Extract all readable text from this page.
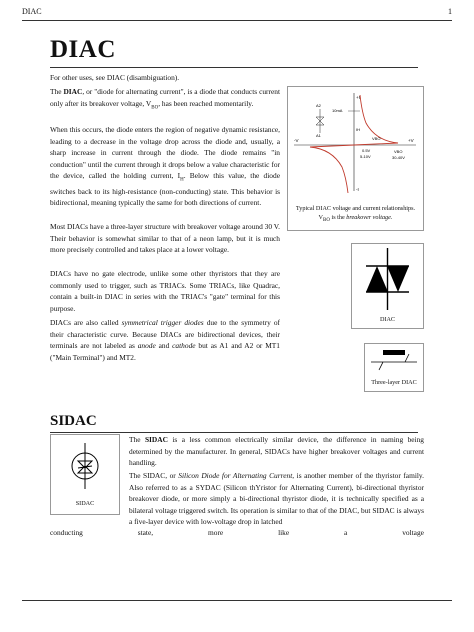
DIAC	1
DIAC
For other uses, see DIAC (disambiguation).
The DIAC, or "diode for alternating current", is a diode that conducts current only after its breakover voltage, $V_{BO}$, has been reached momentarily.
When this occurs, the diode enters the region of negative dynamic resistance, leading to a decrease in the voltage drop across the diode and, usually, a sharp increase in current through the diode. The diode remains "in conduction" until the current through it drops below a value characteristic for the device, called the holding current, $I_H$. Below this value, the diode switches back to its high-resistance (non-conducting) state. This behavior is bidirectional, meaning typically the same for both directions of current.
Most DIACs have a three-layer structure with breakover voltage around 30 V. Their behavior is somewhat similar to that of a neon lamp, but it is much more precisely controlled and takes place at a lower voltage.
DIACs have no gate electrode, unlike some other thyristors that they are commonly used to trigger, such as TRIACs. Some TRIACs, like Quadrac, contain a built-in DIAC in series with the TRIAC's "gate" terminal for this purpose.
DIACs are also called symmetrical trigger diodes due to the symmetry of their characteristic curve. Because DIACs are bidirectional devices, their terminals are not labeled as anode and cathode but as A1 and A2 or MT1 ("Main Terminal") and MT2.
+I
+V
-V
-I
10mA
A2
A1
VBO
VBO
0.5V
5-10V	30-40V
IH
Typical DIAC voltage and current relationships.
$V_{BO}$ is the breakover voltage.
DIAC
Three-layer DIAC
SIDAC
SIDAC
The SIDAC is a less common electrically similar device, the difference in naming being determined by the manufacturer. In general, SIDACs have higher breakover voltages and current handling.
The SIDAC, or Silicon Diode for Alternating Current, is another member of the thyristor family. Also referred to as a SYDAC (Silicon thYristor for Alternating Current), bi-directional thyristor breakover diode, or more simply a bi-directional thyristor diode, it is technically specified as a bilateral voltage triggered switch. Its operation is similar to that of the DIAC, but SIDAC is always a five-layer device with low-voltage drop in latched
conducting	state,	more	like	a	voltage
